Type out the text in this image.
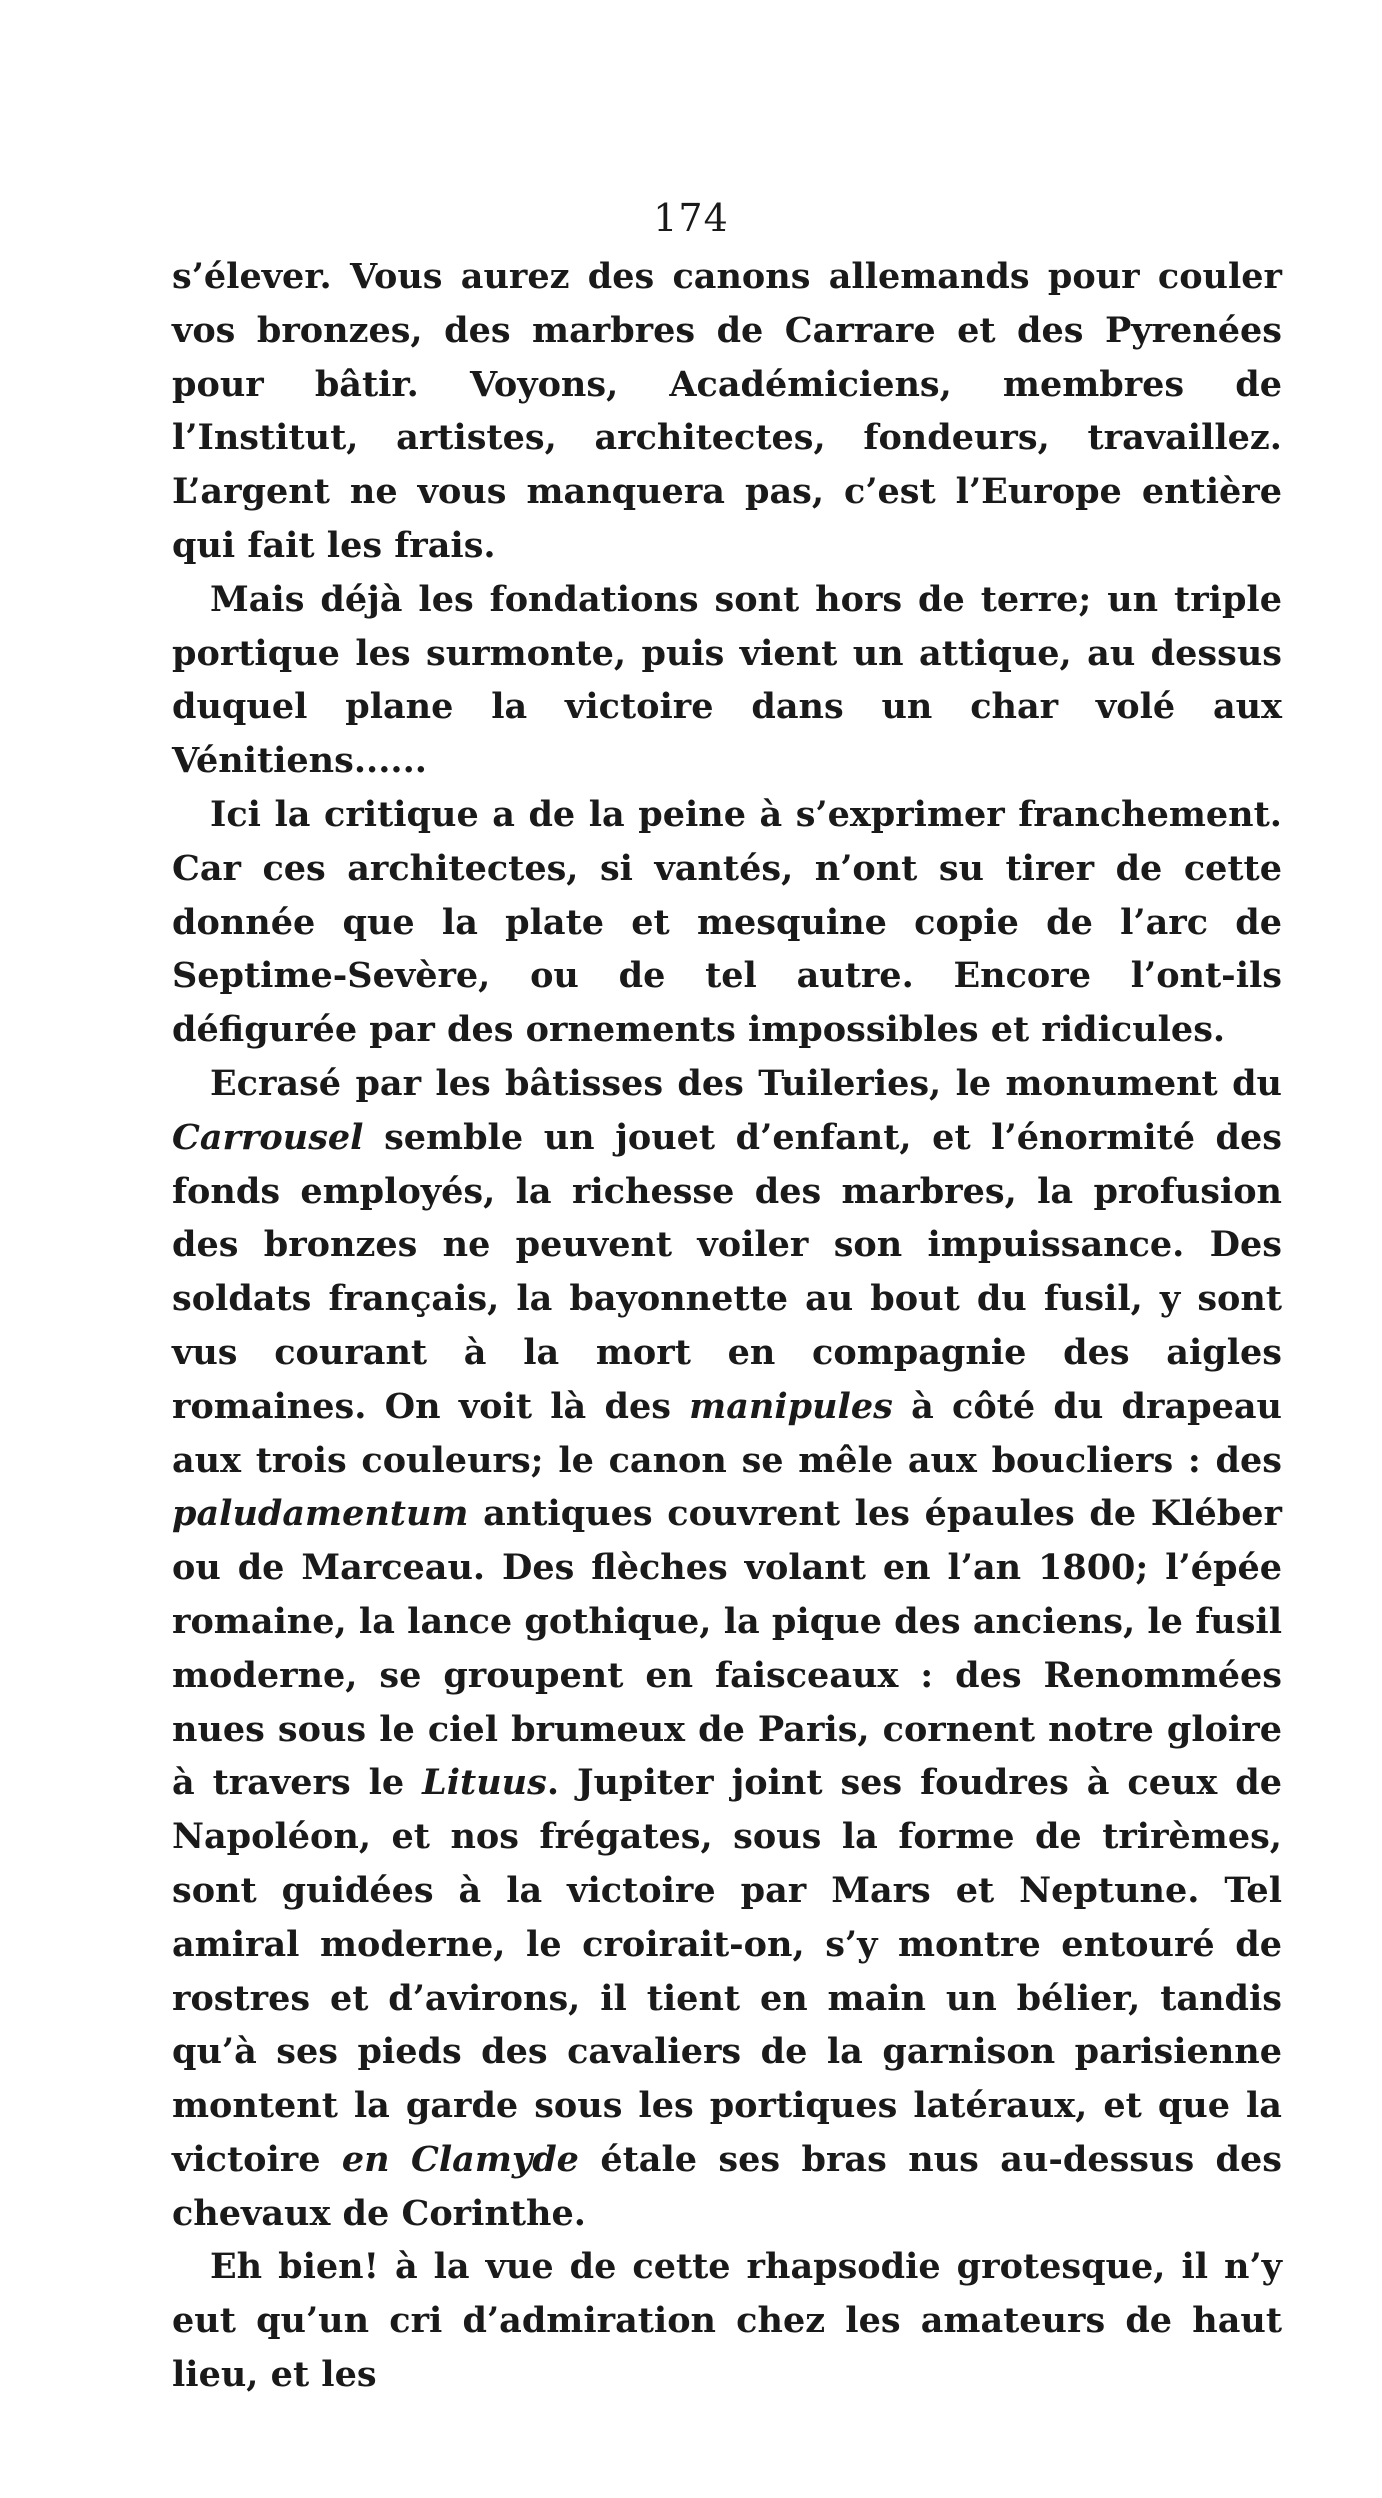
174

s’élever. Vous aurez des canons allemands pour couler vos bronzes, des marbres de Carrare et des Pyrenées pour bâtir. Voyons, Académiciens, membres de l’Institut, artistes, architectes, fondeurs, travaillez. L’argent ne vous manquera pas, c’est l’Europe entière qui fait les frais.

Mais déjà les fondations sont hors de terre; un triple portique les surmonte, puis vient un attique, au dessus duquel plane la victoire dans un char volé aux Vénitiens......

Ici la critique a de la peine à s’exprimer franchement. Car ces architectes, si vantés, n’ont su tirer de cette donnée que la plate et mesquine copie de l’arc de Septime-Sevère, ou de tel autre. Encore l’ont-ils défigurée par des ornements impossibles et ridicules.

Ecrasé par les bâtisses des Tuileries, le monument du Carrousel semble un jouet d’enfant, et l’énormité des fonds employés, la richesse des marbres, la profusion des bronzes ne peuvent voiler son impuissance. Des soldats français, la bayonnette au bout du fusil, y sont vus courant à la mort en compagnie des aigles romaines. On voit là des manipules à côté du drapeau aux trois couleurs; le canon se mêle aux boucliers : des paludamentum antiques couvrent les épaules de Kléber ou de Marceau. Des flèches volant en l’an 1800; l’épée romaine, la lance gothique, la pique des anciens, le fusil moderne, se groupent en faisceaux : des Renommées nues sous le ciel brumeux de Paris, cornent notre gloire à travers le Lituus. Jupiter joint ses foudres à ceux de Napoléon, et nos frégates, sous la forme de trirèmes, sont guidées à la victoire par Mars et Neptune. Tel amiral moderne, le croirait-on, s’y montre entouré de rostres et d’avirons, il tient en main un bélier, tandis qu’à ses pieds des cavaliers de la garnison parisienne montent la garde sous les portiques latéraux, et que la victoire en Clamyde étale ses bras nus au-dessus des chevaux de Corinthe.

Eh bien! à la vue de cette rhapsodie grotesque, il n’y eut qu’un cri d’admiration chez les amateurs de haut lieu, et les
